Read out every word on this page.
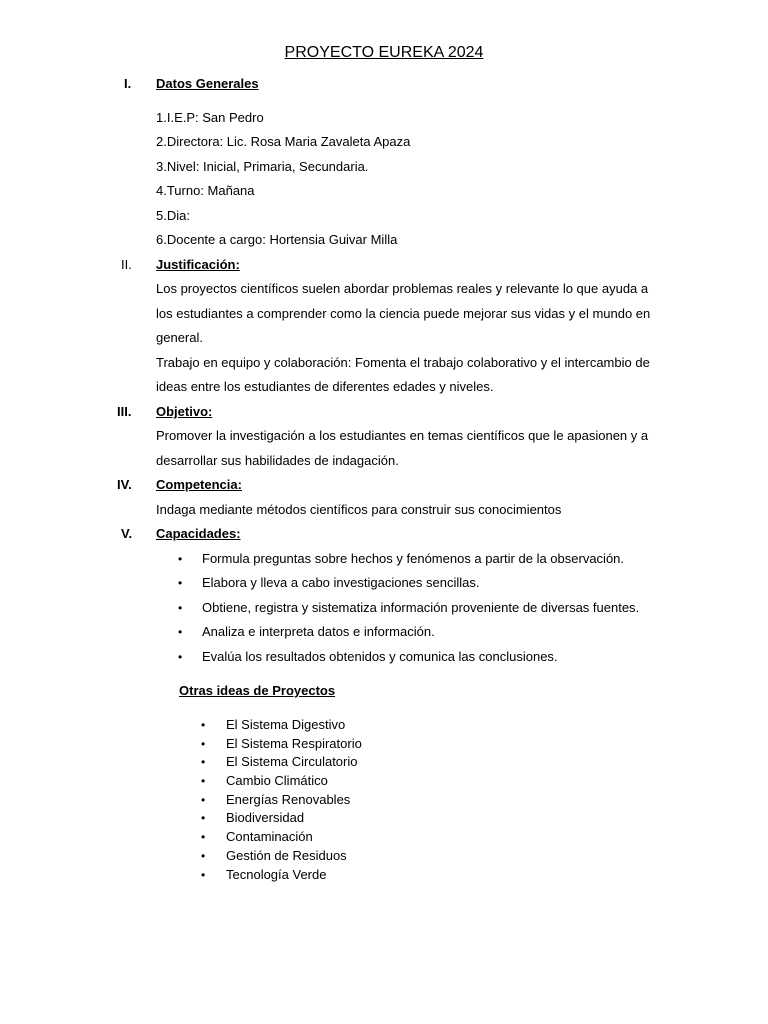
PROYECTO EUREKA 2024
I. Datos Generales
1.I.E.P: San Pedro
2.Directora: Lic. Rosa Maria Zavaleta Apaza
3.Nivel: Inicial, Primaria, Secundaria.
4.Turno: Mañana
5.Dia:
6.Docente a cargo: Hortensia Guivar Milla
II. Justificación:
Los proyectos científicos suelen abordar problemas reales y relevante lo que ayuda a
los estudiantes a comprender como la ciencia puede mejorar sus vidas y el mundo en
general.
Trabajo en equipo y colaboración: Fomenta el trabajo colaborativo y el intercambio de
ideas entre los estudiantes de diferentes edades y niveles.
III. Objetivo:
Promover la investigación a los estudiantes en temas científicos que le apasionen y a
desarrollar sus habilidades de indagación.
IV. Competencia:
Indaga mediante métodos científicos para construir sus conocimientos
V. Capacidades:
• Formula preguntas sobre hechos y fenómenos a partir de la observación.
• Elabora y lleva a cabo investigaciones sencillas.
• Obtiene, registra y sistematiza información proveniente de diversas fuentes.
• Analiza e interpreta datos e información.
• Evalúa los resultados obtenidos y comunica las conclusiones.
Otras ideas de Proyectos
• El Sistema Digestivo
• El Sistema Respiratorio
• El Sistema Circulatorio
• Cambio Climático
• Energías Renovables
• Biodiversidad
• Contaminación
• Gestión de Residuos
• Tecnología Verde
